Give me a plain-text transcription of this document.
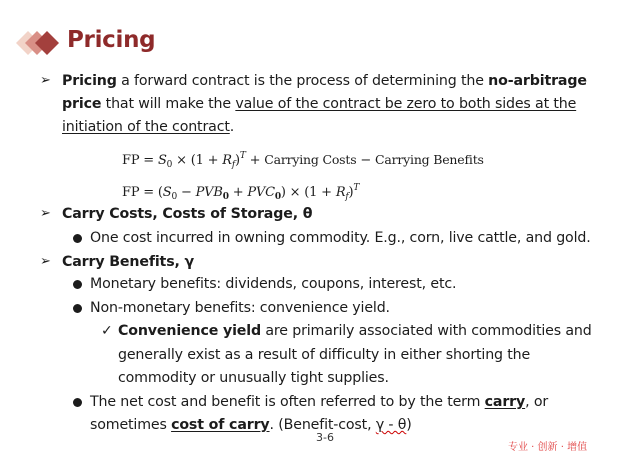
Pricing
➢ Pricing a forward contract is the process of determining the no-arbitrage
price that will make the value of the contract be zero to both sides at the
initiation of the contract.
FP = $S_0 \times (1 + R_f)^T$ + Carrying Costs − Carrying Benefits
FP = $(S_0 - PVB_0 + PVC_0) \times (1 + R_f)^T$
➢ Carry Costs, Costs of Storage, θ
One cost incurred in owning commodity. E.g., corn, live cattle, and gold.
➢ Carry Benefits, γ
Monetary benefits: dividends, coupons, interest, etc.
Non-monetary benefits: convenience yield.
✓ Convenience yield are primarily associated with commodities and
generally exist as a result of difficulty in either shorting the
commodity or unusually tight supplies.
The net cost and benefit is often referred to by the term carry, or
sometimes cost of carry. (Benefit-cost, γ - θ)
3-6
专业 · 创新 · 增值
